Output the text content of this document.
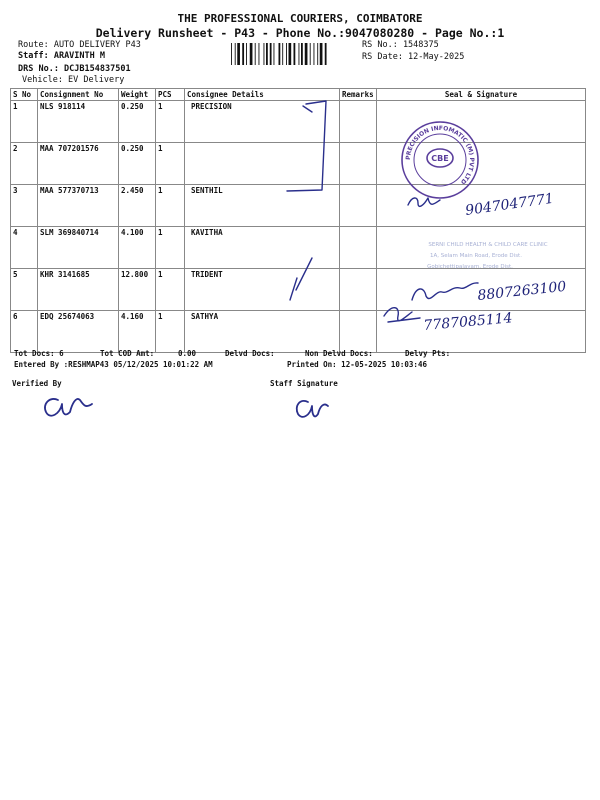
THE PROFESSIONAL COURIERS, COIMBATORE
Delivery Runsheet - P43 - Phone No.:9047080280 - Page No.:1
Route: AUTO DELIVERY P43
Staff: ARAVINTH M
DRS No.: DCJB154837501
Vehicle: EV Delivery
RS No.: 1548375
RS Date: 12-May-2025
S No	Consignment No	Weight	PCS	Consignee Details	Remarks	Seal & Signature
1	NLS 918114	0.250	1	PRECISION		
2	MAA 707201576	0.250	1			
3	MAA 577370713	2.450	1	SENTHIL		
4	SLM 369840714	4.100	1	KAVITHA		
5	KHR 3141685	12.800	1	TRIDENT		
6	EDQ 25674063	4.160	1	SATHYA		
Tot Docs: 6	Tot COD Amt:	0.00	Delvd Docs:	Non Delvd Docs:	Delvy Pts:
Entered By :RESHMAP43 05/12/2025 10:01:22 AM	Printed On: 12-05-2025 10:03:46
Verified By	Staff Signature
PRECISION INFOMATIC (M) PVT LTD
CBE
9047047771
SERNI CHILD HEALTH & CHILD CARE CLINIC
1A, Selam Main Road, Erode Dist.
Gobichettipalayam, Erode Dist.
8807263100
7787085114
